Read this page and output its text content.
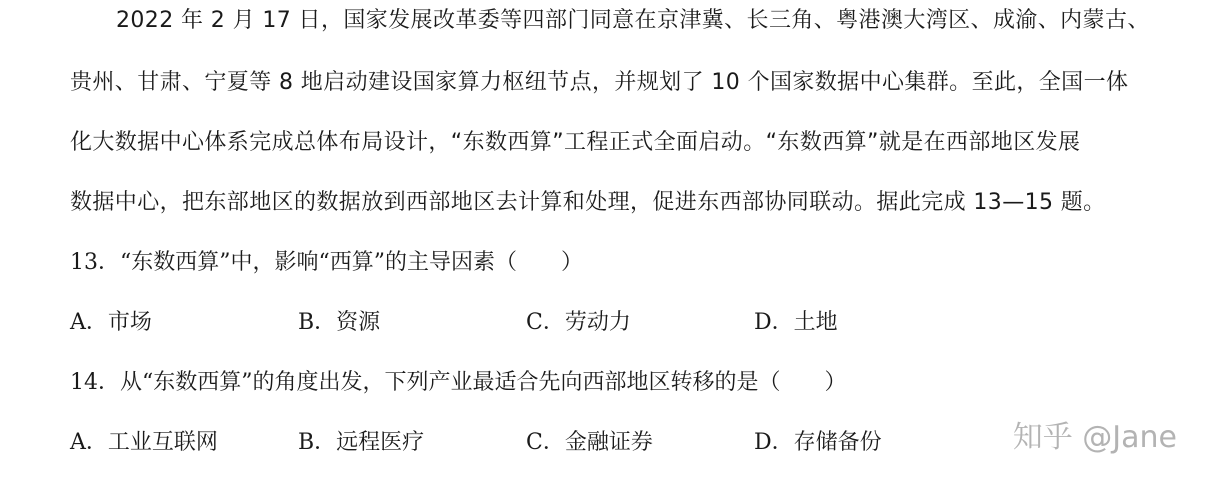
2022 年 2 月 17 日，国家发展改革委等四部门同意在京津冀、长三角、粤港澳大湾区、成渝、内蒙古、
贵州、甘肃、宁夏等 8 地启动建设国家算力枢纽节点，并规划了 10 个国家数据中心集群。至此，全国一体
化大数据中心体系完成总体布局设计，“东数西算”工程正式全面启动。“东数西算”就是在西部地区发展
数据中心，把东部地区的数据放到西部地区去计算和处理，促进东西部协同联动。据此完成 13—15 题。
13．“东数西算”中，影响“西算”的主导因素（　　）
A．市场	B．资源	C．劳动力	D．土地
14．从“东数西算”的角度出发，下列产业最适合先向西部地区转移的是（　　）
A．工业互联网	B．远程医疗	C．金融证券	D．存储备份	知乎 @Jane
